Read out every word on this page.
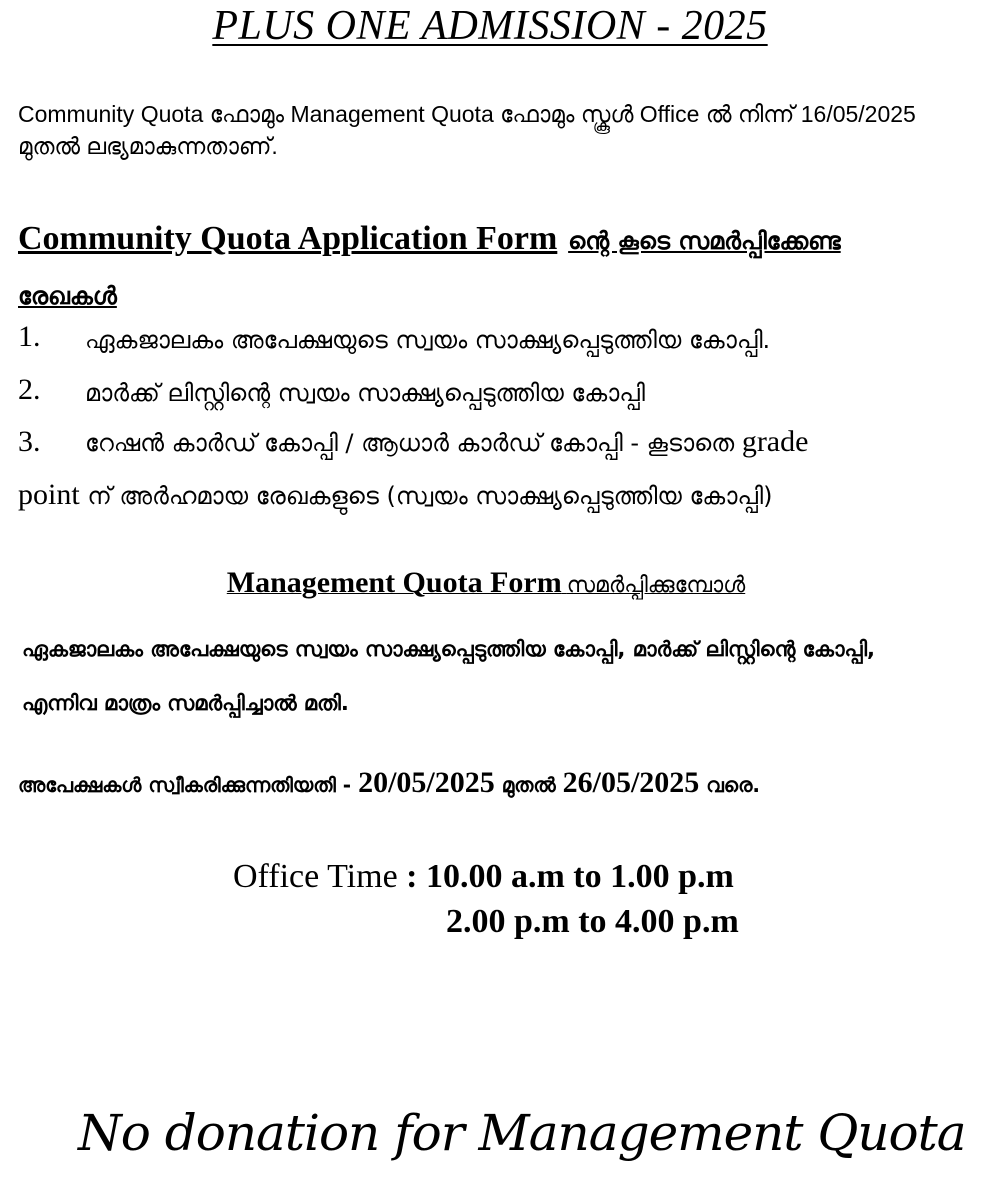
PLUS ONE ADMISSION - 2025
Community Quota ഫോമും Management Quota ഫോമും സ്കൂൾ Office ൽ നിന്ന് 16/05/2025 മുതൽ ലഭ്യമാകുന്നതാണ്.
Community Quota Application Form ന്റെ കൂടെ സമർപ്പിക്കേണ്ട രേഖകൾ
1. ഏകജാലകം അപേക്ഷയുടെ സ്വയം സാക്ഷ്യപ്പെടുത്തിയ കോപ്പി.
2. മാർക്ക് ലിസ്റ്റിന്റെ സ്വയം സാക്ഷ്യപ്പെടുത്തിയ കോപ്പി
3. റേഷൻ കാർഡ് കോപ്പി / ആധാർ കാർഡ് കോപ്പി - കൂടാതെ grade
point ന് അർഹമായ രേഖകളുടെ (സ്വയം സാക്ഷ്യപ്പെടുത്തിയ കോപ്പി)
Management Quota Form സമർപ്പിക്കുമ്പോൾ
ഏകജാലകം അപേക്ഷയുടെ സ്വയം സാക്ഷ്യപ്പെടുത്തിയ കോപ്പി, മാർക്ക് ലിസ്റ്റിന്റെ കോപ്പി, എന്നിവ മാത്രം സമർപ്പിച്ചാൽ മതി.
അപേക്ഷകൾ സ്വീകരിക്കുന്നതിയതി - 20/05/2025 മുതൽ 26/05/2025 വരെ.
Office Time : 10.00 a.m to 1.00 p.m
2.00 p.m to 4.00 p.m
No donation for Management Quota
